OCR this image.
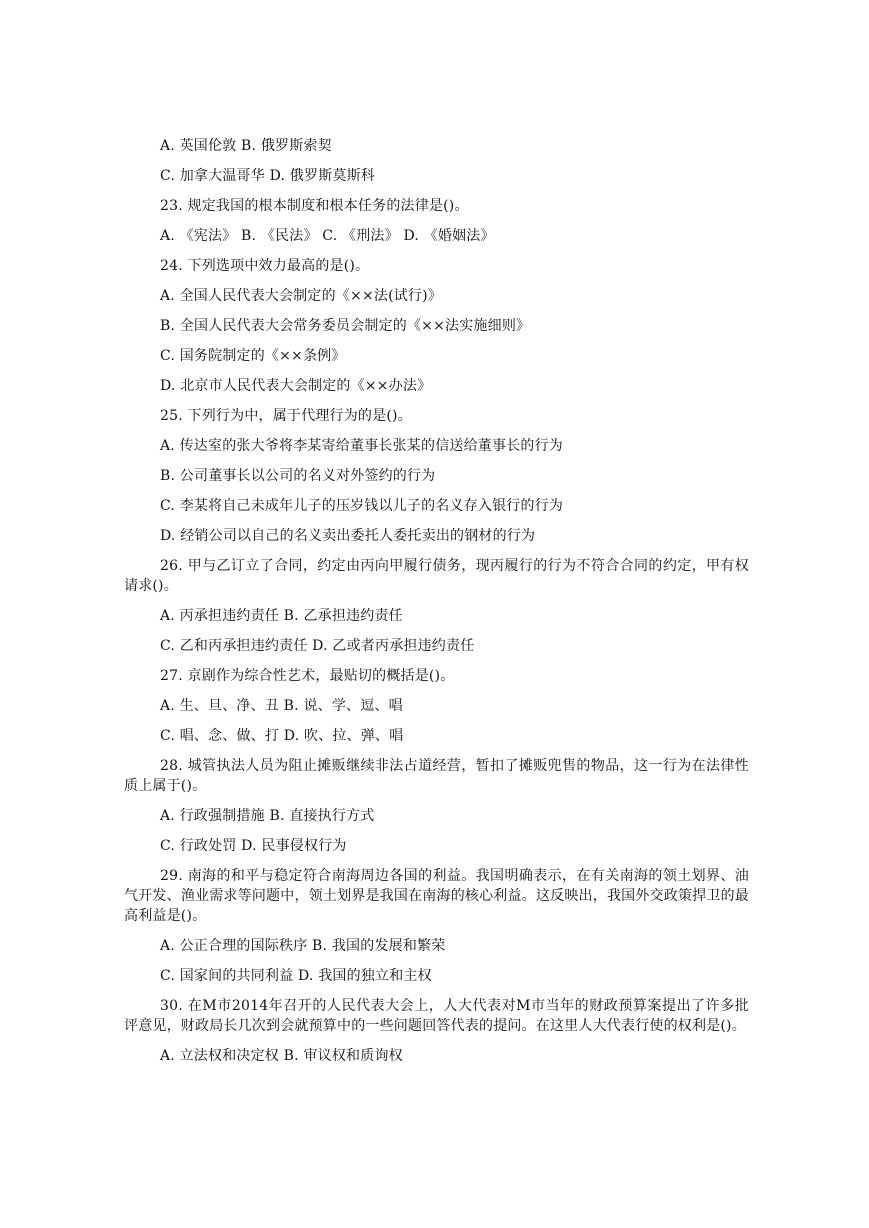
A. 英国伦敦 B. 俄罗斯索契

C. 加拿大温哥华 D. 俄罗斯莫斯科

23. 规定我国的根本制度和根本任务的法律是()。

A. 《宪法》 B. 《民法》 C. 《刑法》 D. 《婚姻法》

24. 下列选项中效力最高的是()。

A. 全国人民代表大会制定的《××法(试行)》

B. 全国人民代表大会常务委员会制定的《××法实施细则》

C. 国务院制定的《××条例》

D. 北京市人民代表大会制定的《××办法》

25. 下列行为中，属于代理行为的是()。

A. 传达室的张大爷将李某寄给董事长张某的信送给董事长的行为

B. 公司董事长以公司的名义对外签约的行为

C. 李某将自己未成年儿子的压岁钱以儿子的名义存入银行的行为

D. 经销公司以自己的名义卖出委托人委托卖出的钢材的行为

26. 甲与乙订立了合同，约定由丙向甲履行债务，现丙履行的行为不符合合同的约定，甲有权请求()。

A. 丙承担违约责任 B. 乙承担违约责任

C. 乙和丙承担违约责任 D. 乙或者丙承担违约责任

27. 京剧作为综合性艺术，最贴切的概括是()。

A. 生、旦、净、丑 B. 说、学、逗、唱

C. 唱、念、做、打 D. 吹、拉、弹、唱

28. 城管执法人员为阻止摊贩继续非法占道经营，暂扣了摊贩兜售的物品，这一行为在法律性质上属于()。

A. 行政强制措施 B. 直接执行方式

C. 行政处罚 D. 民事侵权行为

29. 南海的和平与稳定符合南海周边各国的利益。我国明确表示，在有关南海的领土划界、油气开发、渔业需求等问题中，领土划界是我国在南海的核心利益。这反映出，我国外交政策捍卫的最高利益是()。

A. 公正合理的国际秩序 B. 我国的发展和繁荣

C. 国家间的共同利益 D. 我国的独立和主权

30. 在M市2014年召开的人民代表大会上，人大代表对M市当年的财政预算案提出了许多批评意见，财政局长几次到会就预算中的一些问题回答代表的提问。在这里人大代表行使的权利是()。

A. 立法权和决定权 B. 审议权和质询权
